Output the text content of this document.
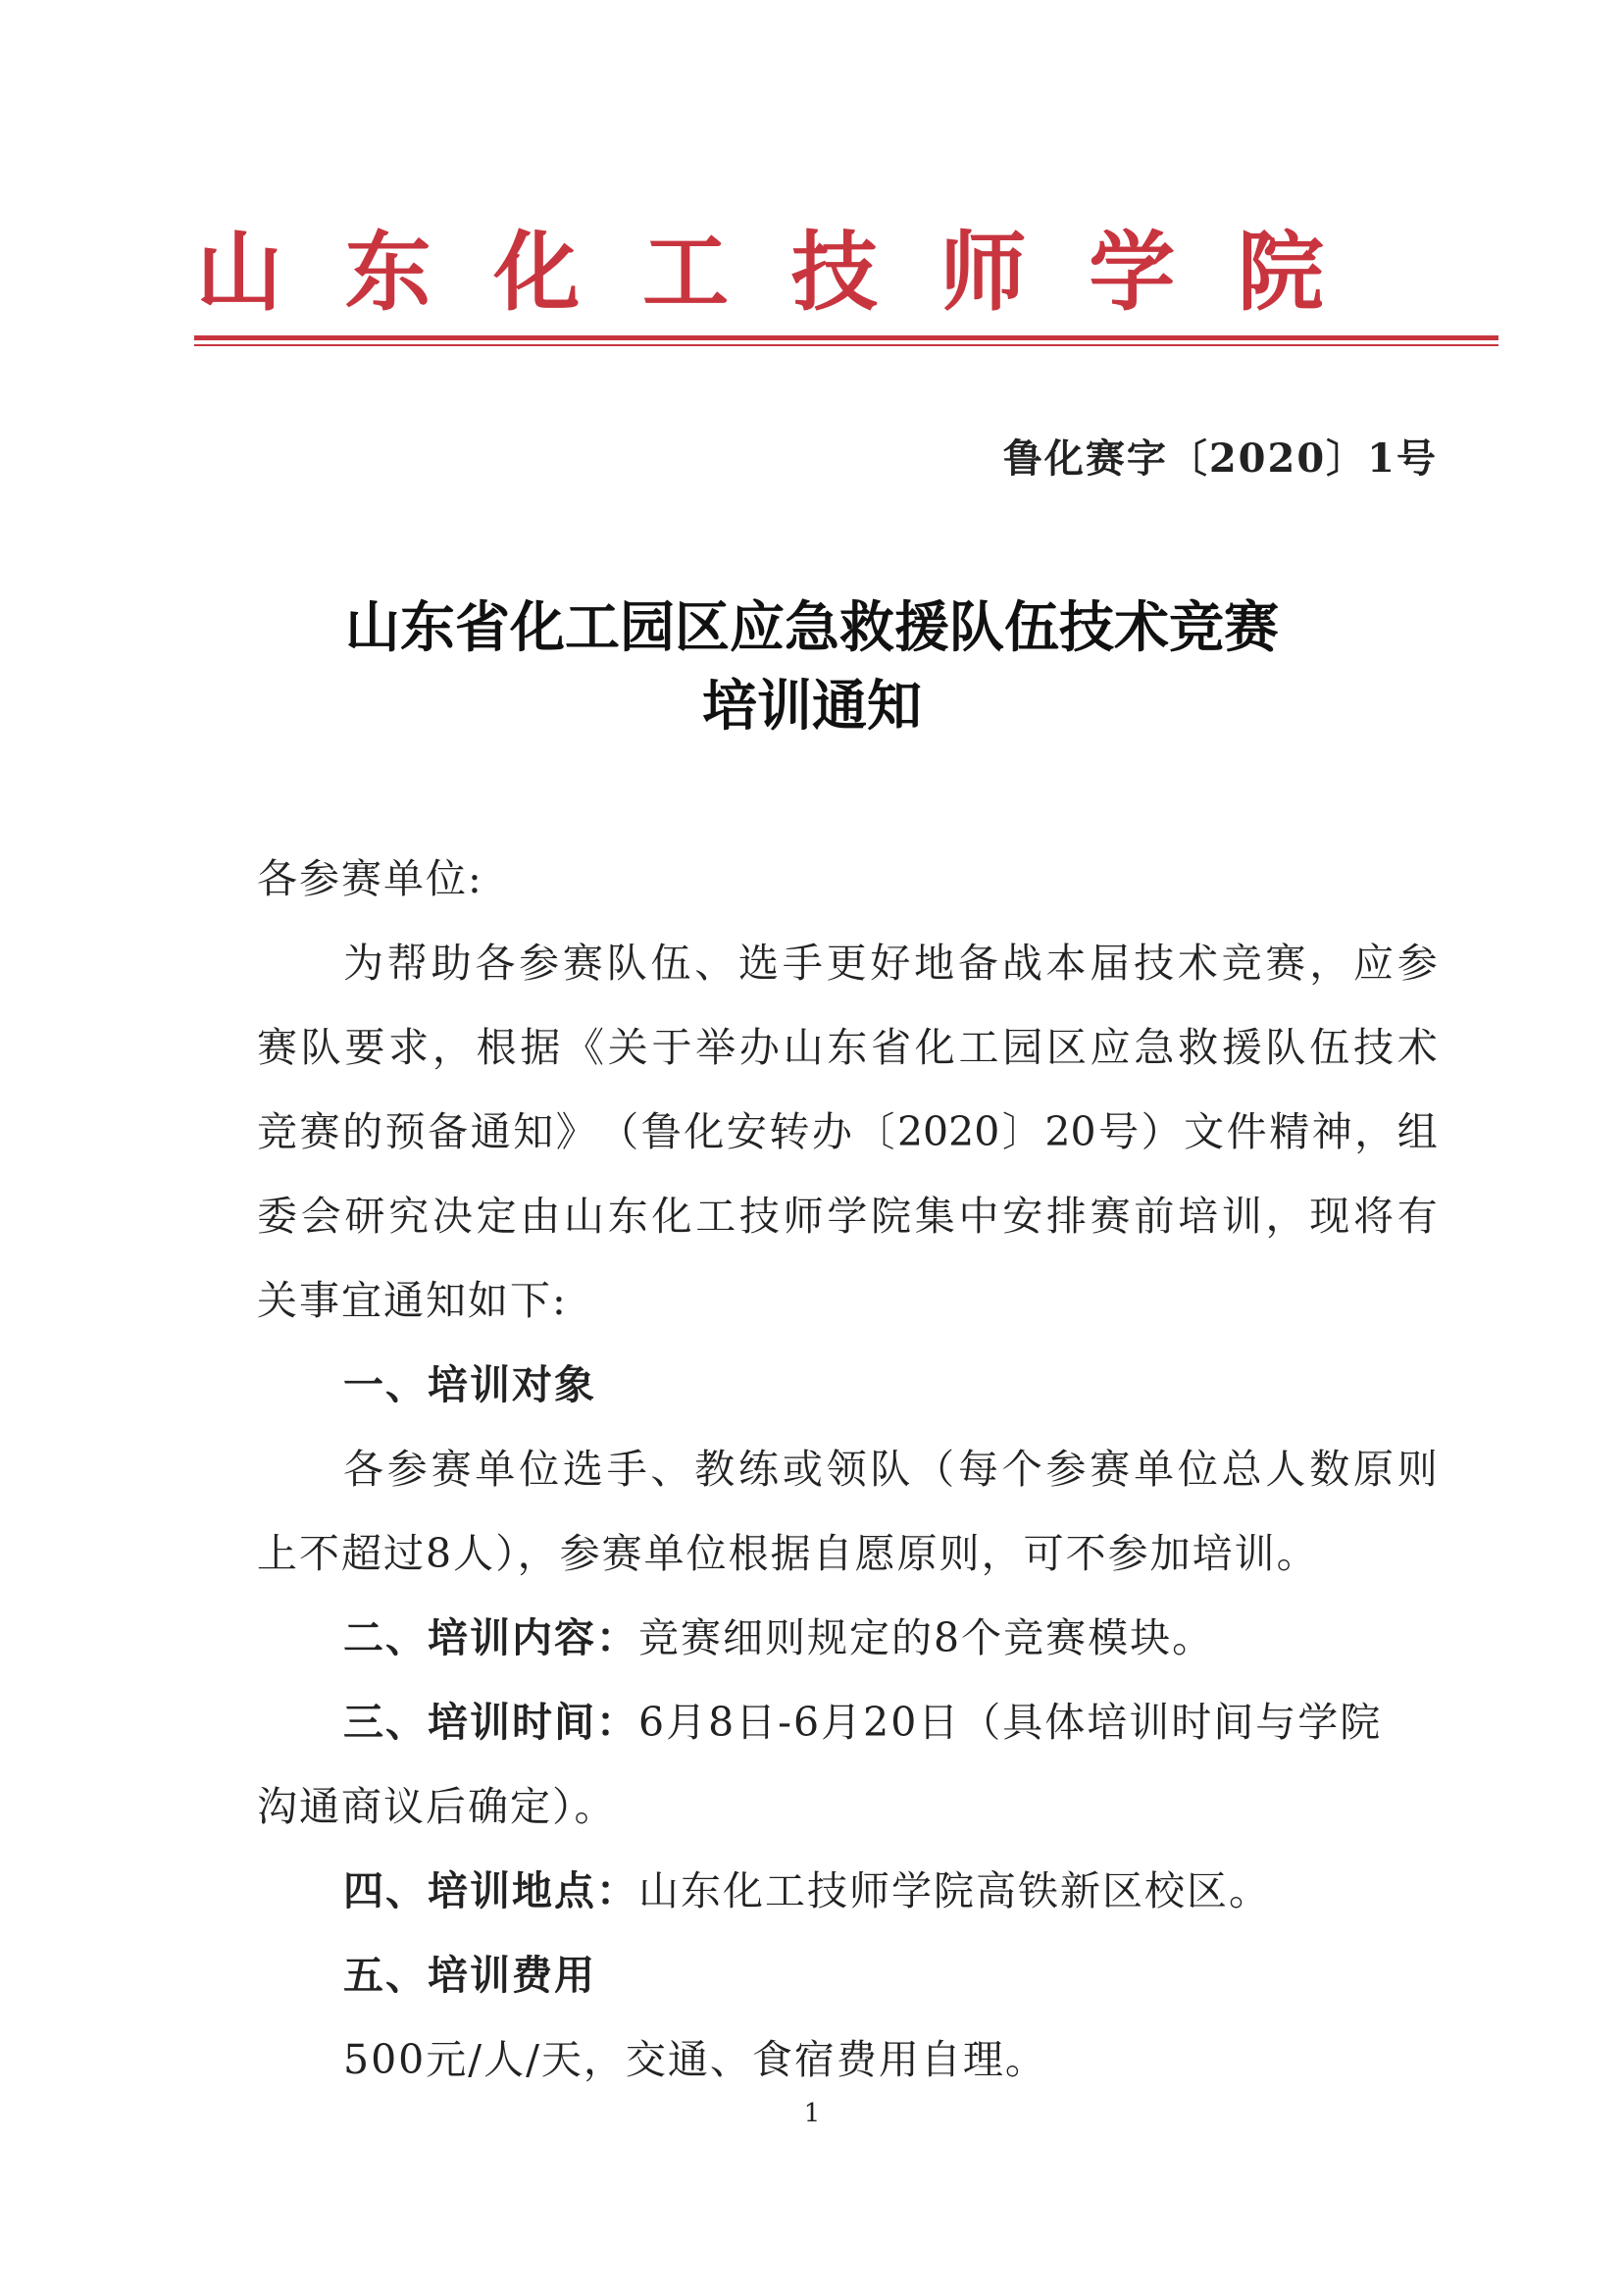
山 东 化 工 技 师 学 院
鲁化赛字〔2020〕1号
山东省化工园区应急救援队伍技术竞赛
培训通知
各参赛单位:
为 帮 助 各 参 赛 队 伍 、 选 手 更 好 地 备 战 本 届 技 术 竞 赛 ， 应 参
赛 队 要 求 ， 根 据 《 关 于 举 办 山 东 省 化 工 园 区 应 急 救 援 队 伍 技 术
竞 赛 的 预 备 通 知 》 （ 鲁 化 安 转 办 〔 2020 〕 20 号 ） 文 件 精 神 ， 组
委 会 研 究 决 定 由 山 东 化 工 技 师 学 院 集 中 安 排 赛 前 培 训 ， 现 将 有
关事宜通知如下:
一、培训对象
各 参 赛 单 位 选 手 、 教 练 或 领 队 （ 每 个 参 赛 单 位 总 人 数 原 则
上不超过8人），参赛单位根据自愿原则，可不参加培训。
二、培训内容：竞赛细则规定的8个竞赛模块。
三、培训时间：6月8日-6月20日（具体培训时间与学院
沟通商议后确定）。
四、培训地点：山东化工技师学院高铁新区校区。
五、培训费用
500元/人/天，交通、食宿费用自理。
1
